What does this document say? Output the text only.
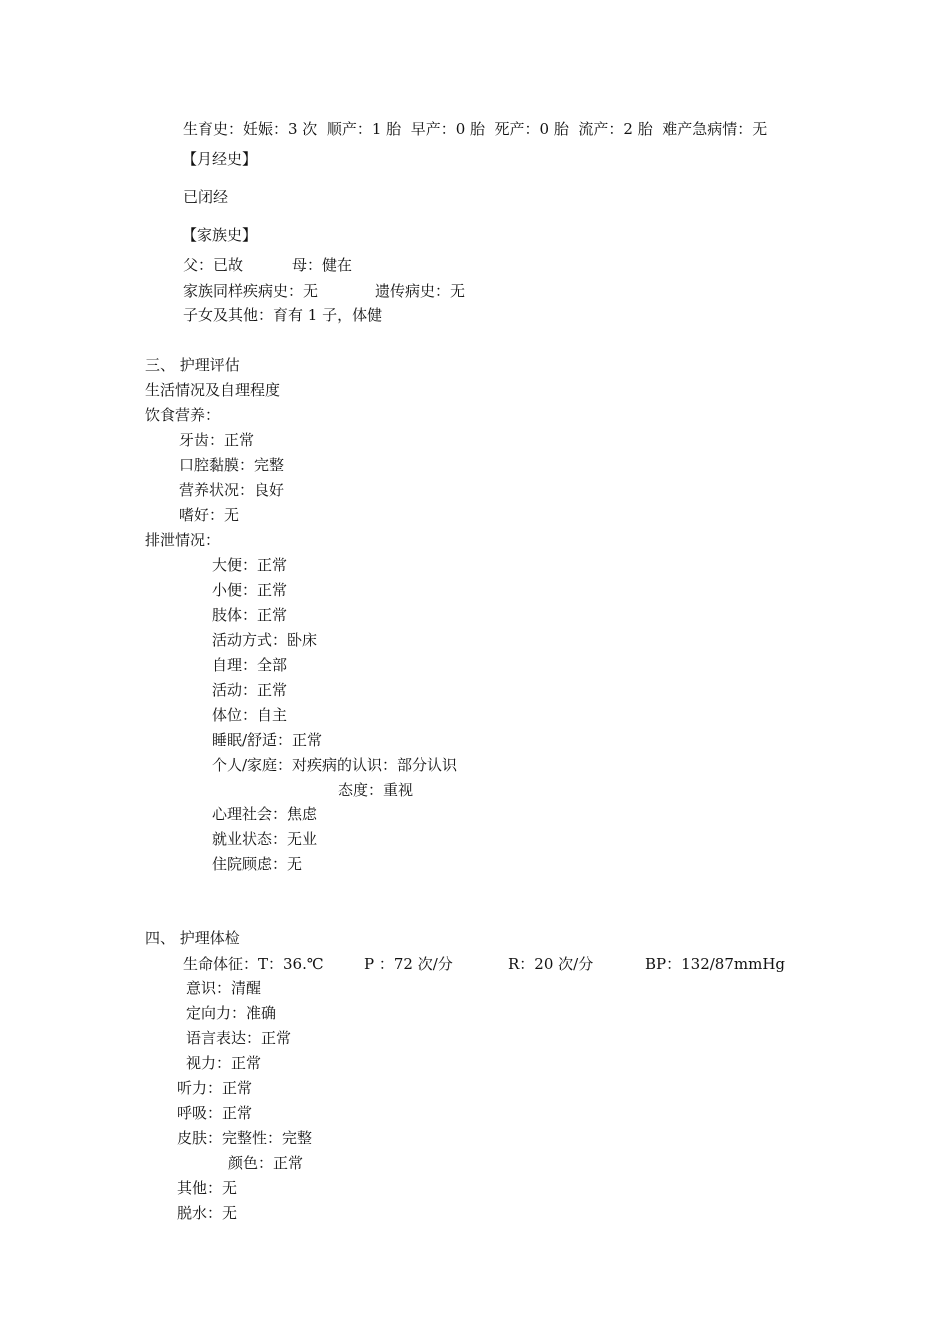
生育史：妊娠：3 次  顺产：1 胎  早产：0 胎  死产：0 胎  流产：2 胎  难产急病情：无
【月经史】
已闭经
【家族史】
父：已故	母：健在
家族同样疾病史：无	遗传病史：无
子女及其他：育有 1 子，体健
三、 护理评估
生活情况及自理程度
饮食营养：
牙齿：正常
口腔黏膜：完整
营养状况：良好
嗜好：无
排泄情况：
大便：正常
小便：正常
肢体：正常
活动方式：卧床
自理：全部
活动：正常
体位：自主
睡眠/舒适：正常
个人/家庭：对疾病的认识：部分认识
态度：重视
心理社会：焦虑
就业状态：无业
住院顾虑：无
四、 护理体检
生命体征：T：36.℃	P ：72 次/分	R：20 次/分	BP：132/87mmHg
意识：清醒
定向力：准确
语言表达：正常
视力：正常
听力：正常
呼吸：正常
皮肤：完整性：完整
颜色：正常
其他：无
脱水：无
